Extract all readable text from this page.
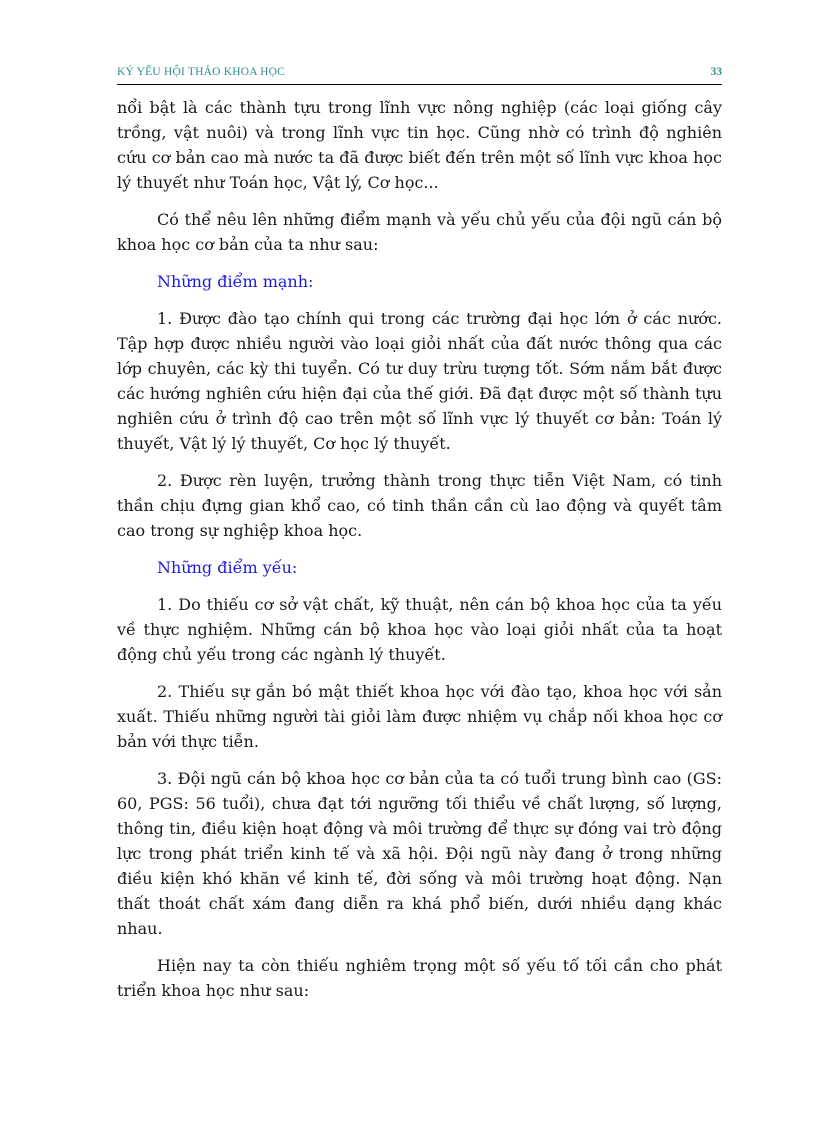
KỶ YẾU HỘI THẢO KHOA HỌC	33

nổi bật là các thành tựu trong lĩnh vực nông nghiệp (các loại giống cây trồng, vật nuôi) và trong lĩnh vực tin học. Cũng nhờ có trình độ nghiên cứu cơ bản cao mà nước ta đã được biết đến trên một số lĩnh vực khoa học lý thuyết như Toán học, Vật lý, Cơ học...

Có thể nêu lên những điểm mạnh và yếu chủ yếu của đội ngũ cán bộ khoa học cơ bản của ta như sau:

Những điểm mạnh:

1. Được đào tạo chính qui trong các trường đại học lớn ở các nước. Tập hợp được nhiều người vào loại giỏi nhất của đất nước thông qua các lớp chuyên, các kỳ thi tuyển. Có tư duy trừu tượng tốt. Sớm nắm bắt được các hướng nghiên cứu hiện đại của thế giới. Đã đạt được một số thành tựu nghiên cứu ở trình độ cao trên một số lĩnh vực lý thuyết cơ bản: Toán lý thuyết, Vật lý lý thuyết, Cơ học lý thuyết.

2. Được rèn luyện, trưởng thành trong thực tiễn Việt Nam, có tinh thần chịu đựng gian khổ cao, có tinh thần cần cù lao động và quyết tâm cao trong sự nghiệp khoa học.

Những điểm yếu:

1. Do thiếu cơ sở vật chất, kỹ thuật, nên cán bộ khoa học của ta yếu về thực nghiệm. Những cán bộ khoa học vào loại giỏi nhất của ta hoạt động chủ yếu trong các ngành lý thuyết.

2. Thiếu sự gắn bó mật thiết khoa học với đào tạo, khoa học với sản xuất. Thiếu những người tài giỏi làm được nhiệm vụ chắp nối khoa học cơ bản với thực tiễn.

3. Đội ngũ cán bộ khoa học cơ bản của ta có tuổi trung bình cao (GS: 60, PGS: 56 tuổi), chưa đạt tới ngưỡng tối thiểu về chất lượng, số lượng, thông tin, điều kiện hoạt động và môi trường để thực sự đóng vai trò động lực trong phát triển kinh tế và xã hội. Đội ngũ này đang ở trong những điều kiện khó khăn về kinh tế, đời sống và môi trường hoạt động. Nạn thất thoát chất xám đang diễn ra khá phổ biến, dưới nhiều dạng khác nhau.

Hiện nay ta còn thiếu nghiêm trọng một số yếu tố tối cần cho phát triển khoa học như sau:
